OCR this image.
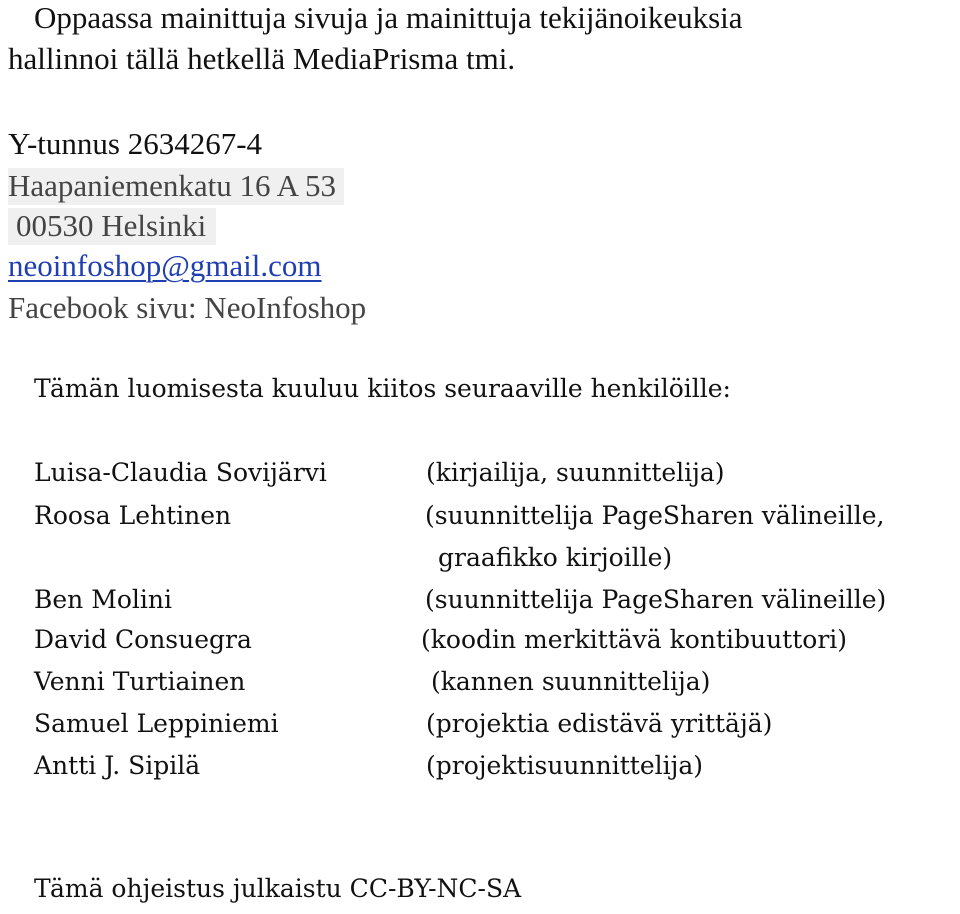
Oppaassa mainittuja sivuja ja mainittuja tekijänoikeuksia
hallinnoi tällä hetkellä MediaPrisma tmi.
Y-tunnus 2634267-4
Haapaniemenkatu 16 A 53
00530 Helsinki
neoinfoshop@gmail.com
Facebook sivu: NeoInfoshop
Tämän luomisesta kuuluu kiitos seuraaville henkilöille:
Luisa-Claudia Sovijärvi	(kirjailija, suunnittelija)
Roosa Lehtinen	(suunnittelija PageSharen välineille,
graafikko kirjoille)
Ben Molini	(suunnittelija PageSharen välineille)
David Consuegra	(koodin merkittävä kontibuuttori)
Venni Turtiainen	(kannen suunnittelija)
Samuel Leppiniemi	(projektia edistävä yrittäjä)
Antti J. Sipilä	(projektisuunnittelija)
Tämä ohjeistus julkaistu CC-BY-NC-SA
